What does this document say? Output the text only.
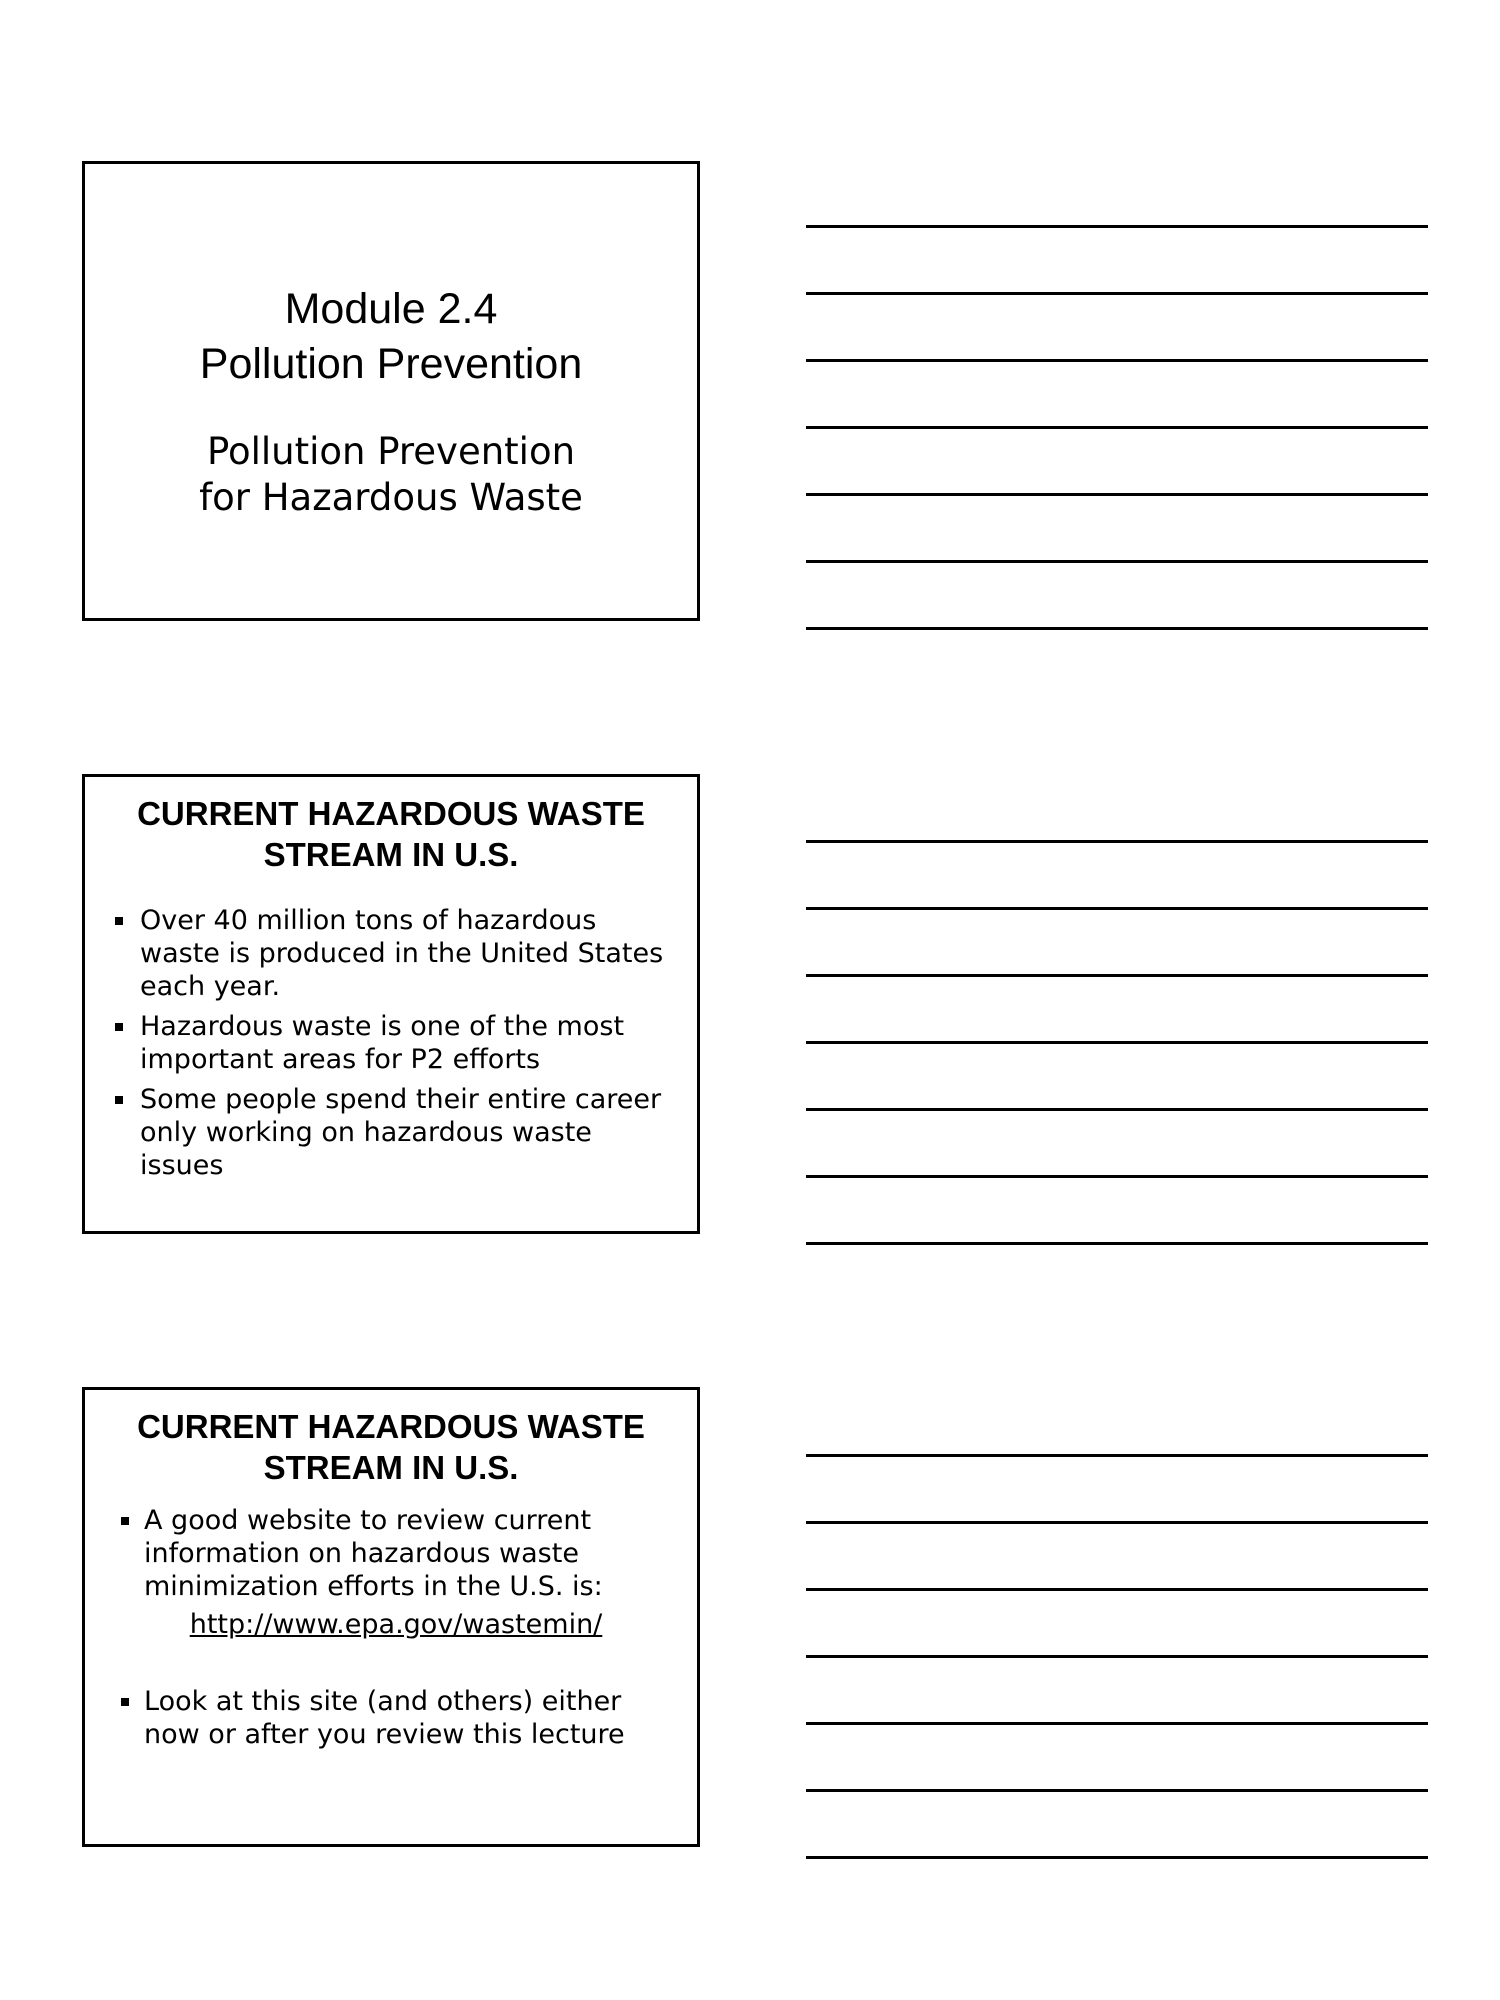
Module 2.4
Pollution Prevention
Pollution Prevention
for Hazardous Waste
CURRENT HAZARDOUS WASTE
STREAM IN U.S.
Over 40 million tons of hazardous waste is produced in the United States each year.
Hazardous waste is one of the most important areas for P2 efforts
Some people spend their entire career only working on hazardous waste issues
CURRENT HAZARDOUS WASTE
STREAM IN U.S.
A good website to review current information on hazardous waste minimization efforts in the U.S. is:
http://www.epa.gov/wastemin/
Look at this site (and others) either now or after you review this lecture
